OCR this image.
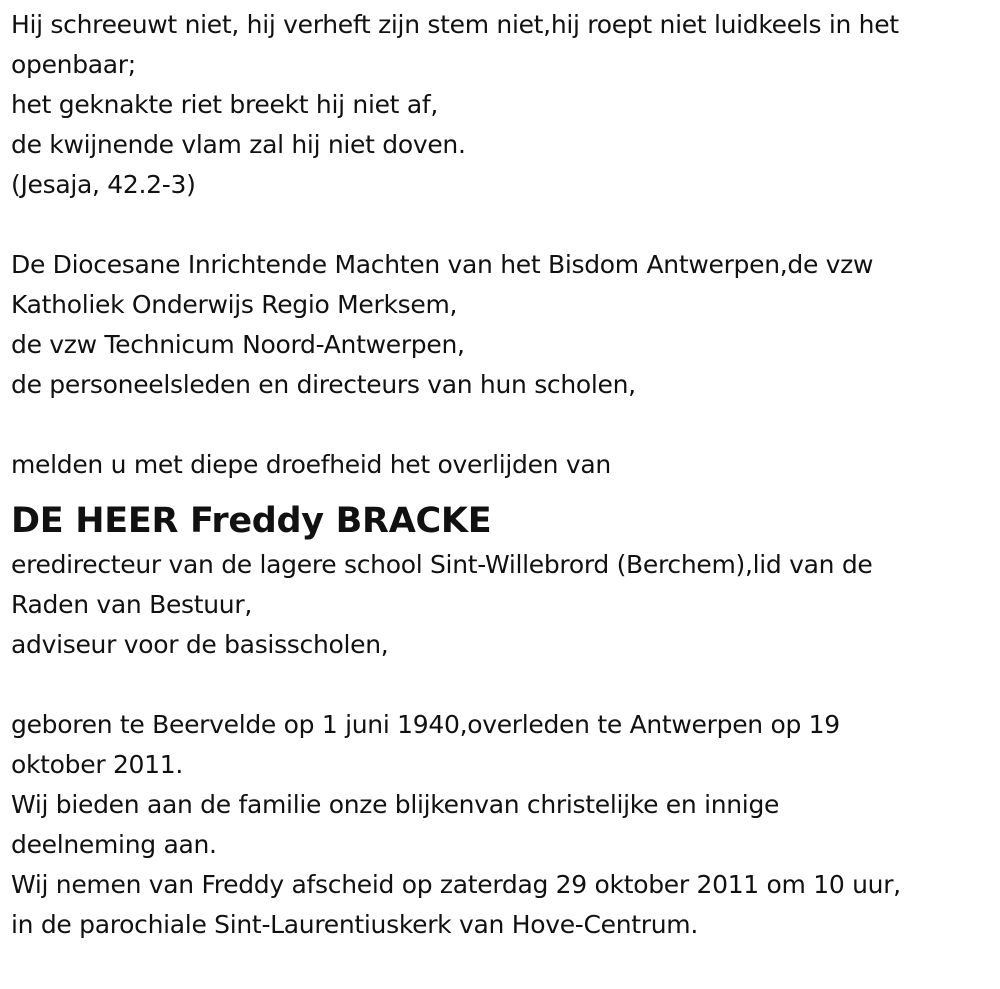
Hij schreeuwt niet, hij verheft zijn stem niet,hij roept niet luidkeels in het
openbaar;
het geknakte riet breekt hij niet af,
de kwijnende vlam zal hij niet doven.
(Jesaja, 42.2-3)
De Diocesane Inrichtende Machten van het Bisdom Antwerpen,de vzw
Katholiek Onderwijs Regio Merksem,
de vzw Technicum Noord-Antwerpen,
de personeelsleden en directeurs van hun scholen,
melden u met diepe droefheid het overlijden van
DE HEER Freddy BRACKE
eredirecteur van de lagere school Sint-Willebrord (Berchem),lid van de
Raden van Bestuur,
adviseur voor de basisscholen,
geboren te Beervelde op 1 juni 1940,overleden te Antwerpen op 19
oktober 2011.
Wij bieden aan de familie onze blijkenvan christelijke en innige
deelneming aan.
Wij nemen van Freddy afscheid op zaterdag 29 oktober 2011 om 10 uur,
in de parochiale Sint-Laurentiuskerk van Hove-Centrum.
